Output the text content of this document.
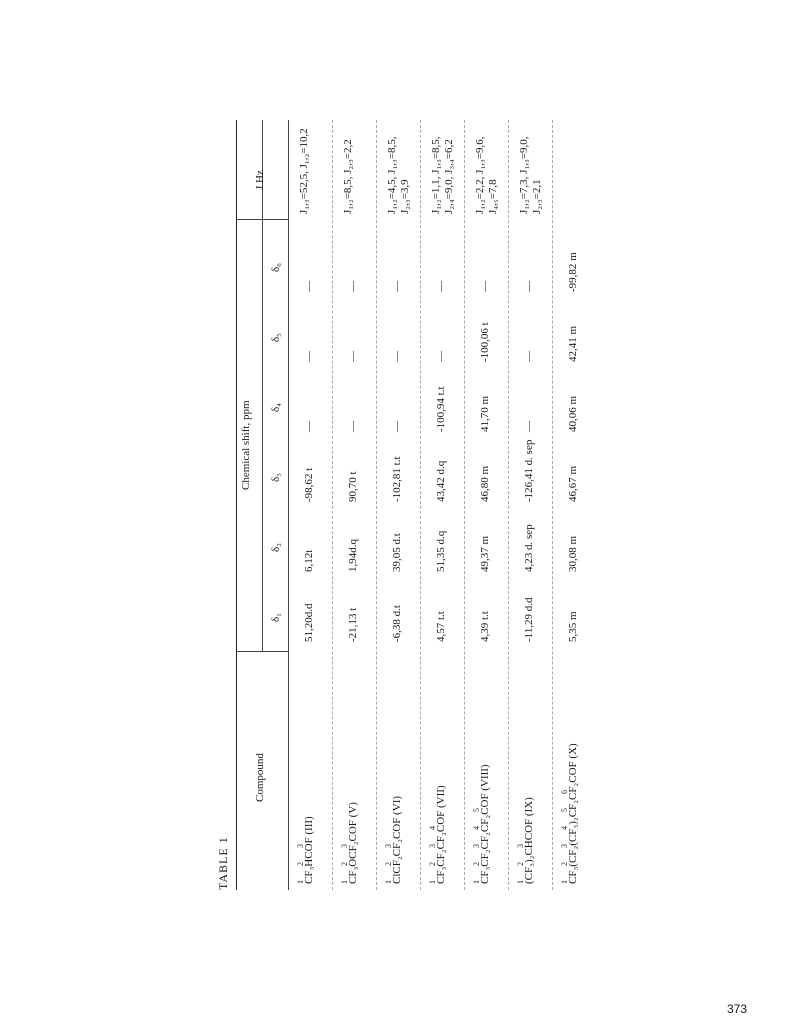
TABLE 1
Compound
Chemical shift, ppm
δ₁
δ₂
δ₃
δ₄
δ₅
δ₆
J Hz
1 2 3
CF₃HCOF (III)
51,20d.d
6,12t
-98,62 t
—
—
—
J₁,₃=52,5, J₁,₂=10,2
1 2 3
CF₃OCF₂COF (V)
-21,13 t
1,94d.q
90,70 t
—
—
—
J₁,₂=8,5, J₂,₃=2,2
1 2 3
ClCF₂CF₂COF (VI)
-6,38 d.t
39,05 d.t
-102,81 t.t
—
—
—
J₁,₂=4,5, J₁,₃=8,5, J₂,₃=3,9
1 2 3 4
CF₃CF₂CF₂COF (VII)
4,57 t.t
51,35 d.q
43,42 d.q
-100,94 t.t
—
—
J₁,₂=1,1, J₁,₃=8,5, J₂,₄=9,0, J₃,₄=6,2
1 2 3 4 5
CF₃CF₂CF₂CF₂COF (VIII)
4,39 t.t
49,37 m
46,80 m
41,70 m
-100,06 t
—
J₁,₂=2,2, J₁,₃=9,6, J₄,₅=7,8
1 2 3
(CF₃)₂CHCOF (IX)
-11,29 d.d
4,23 d. sep
-126,41 d. sep
—
—
—
J₁,₂=7,3, J₁,₃=9,0, J₂,₃=2,1
1 2 3 4 5 6
CF₃(CF₂(CF₃)₂CF₂CF₂COF (X)
5,35 m
30,08 m
46,67 m
40,06 m
42,41 m
-99,82 m
373
